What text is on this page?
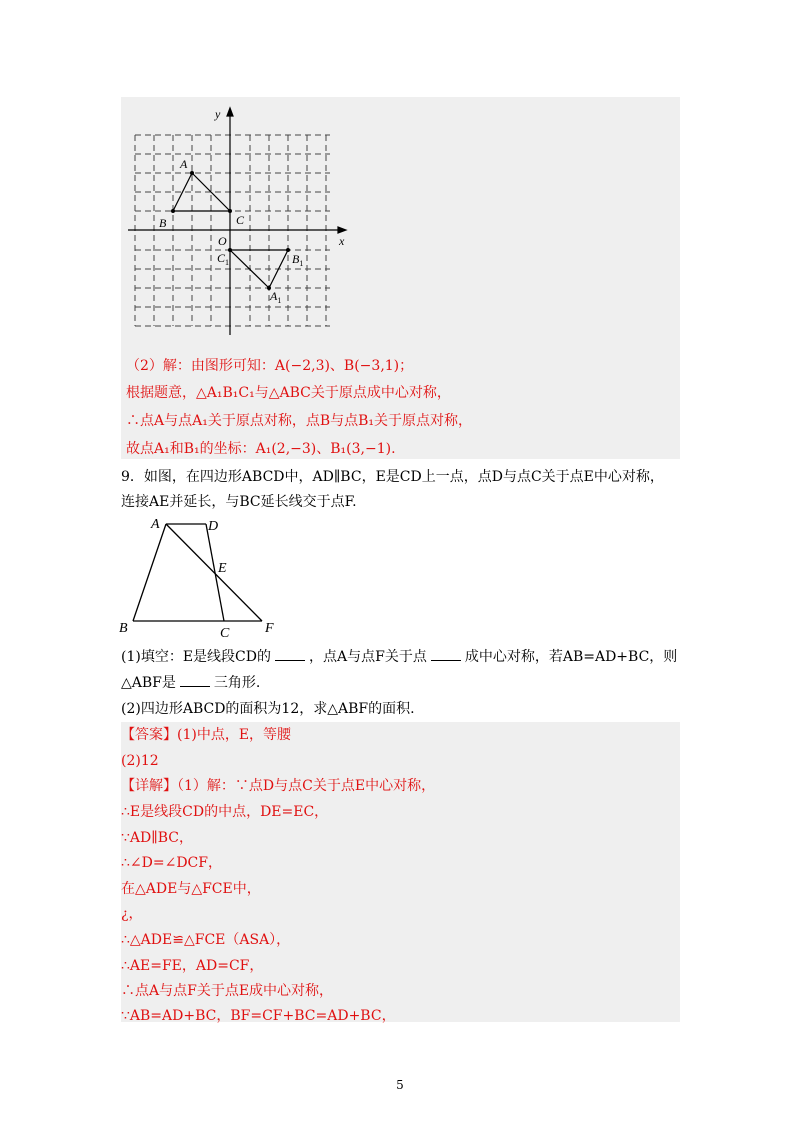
y
x
A
B	C
O
$C_1$	$B_1$
$A_1$
（2）解：由图形可知：A(−2,3)、B(−3,1)；
根据题意，△A₁B₁C₁与△ABC关于原点成中心对称，
∴点A与点A₁关于原点对称，点B与点B₁关于原点对称，
故点A₁和B₁的坐标：A₁(2,−3)、B₁(3,−1).
9．如图，在四边形ABCD中，AD∥BC，E是CD上一点，点D与点C关于点E中心对称，
连接AE并延长，与BC延长线交于点F.
A	D
E
B	C	F
(1)填空：E是线段CD的	，点A与点F关于点	成中心对称，若AB=AD+BC，则
△ABF是	三角形.
(2)四边形ABCD的面积为12，求△ABF的面积.
【答案】(1)中点，E，等腰
(2)12
【详解】（1）解：∵点D与点C关于点E中心对称，
∴E是线段CD的中点，DE=EC，
∵AD∥BC，
∴∠D=∠DCF，
在△ADE与△FCE中，
¿，
∴△ADE≌△FCE（ASA），
∴AE=FE，AD=CF，
∴点A与点F关于点E成中心对称，
∵AB=AD+BC，BF=CF+BC=AD+BC，
5
